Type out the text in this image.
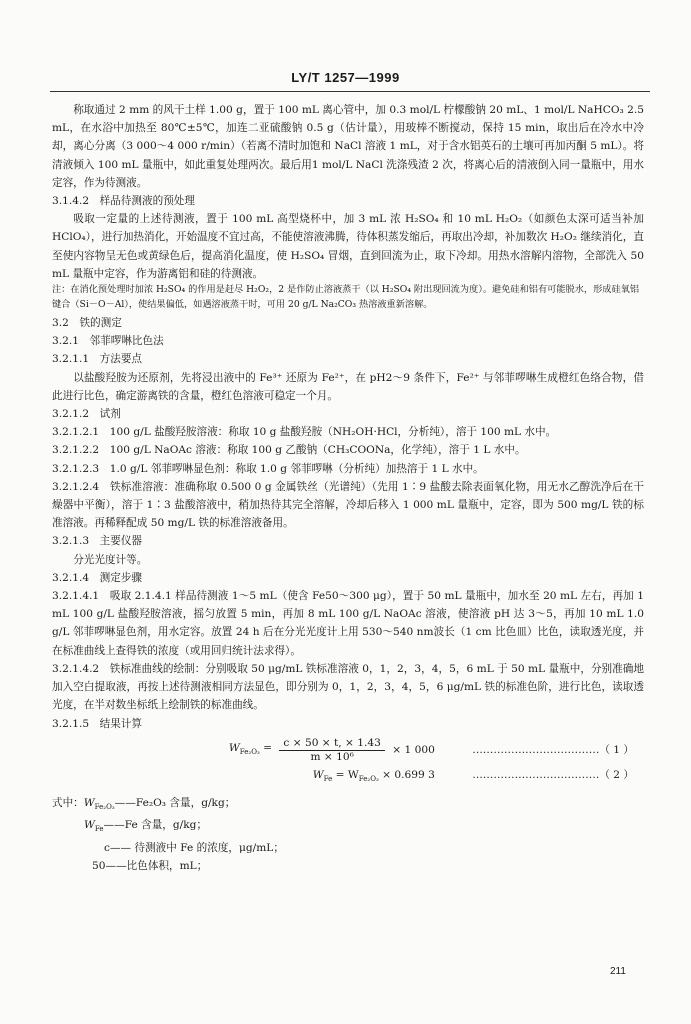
LY/T 1257—1999

称取通过 2 mm 的风干土样 1.00 g，置于 100 mL 离心管中，加 0.3 mol/L 柠檬酸钠 20 mL、1 mol/L NaHCO₃ 2.5 mL，在水浴中加热至 80℃±5℃，加连二亚硫酸钠 0.5 g（估计量），用玻棒不断搅动，保持 15 min，取出后在冷水中冷却，离心分离（3 000～4 000 r/min）（若离不清时加饱和 NaCl 溶液 1 mL，对于含水铝英石的土壤可再加丙酮 5 mL）。将清液倾入 100 mL 量瓶中，如此重复处理两次。最后用1 mol/L NaCl 洗涤残渣 2 次，将离心后的清液倒入同一量瓶中，用水定容，作为待测液。

3.1.4.2　样品待测液的预处理

吸取一定量的上述待测液，置于 100 mL 高型烧杯中，加 3 mL 浓 H₂SO₄ 和 10 mL H₂O₂（如颜色太深可适当补加 HClO₄），进行加热消化，开始温度不宜过高，不能使溶液沸腾，待体积蒸发缩后，再取出冷却，补加数次 H₂O₂ 继续消化，直至使内容物呈无色或黄绿色后，提高消化温度，使 H₂SO₄ 冒烟，直到回流为止，取下冷却。用热水溶解内溶物，全部洗入 50 mL 量瓶中定容，作为游离铝和硅的待测液。

注：在消化预处理时加浓 H₂SO₄ 的作用是赶尽 H₂O₂，2 是作防止溶液蒸干（以 H₂SO₄ 附出现回流为度）。避免硅和铝有可能脱水，形成硅氧铝键合（Si－O－Al），使结果偏低，如遇溶液蒸干时，可用 20 g/L Na₂CO₃ 热溶液重新溶解。

3.2　铁的测定

3.2.1　邻菲啰啉比色法

3.2.1.1　方法要点

以盐酸羟胺为还原剂，先将浸出液中的 Fe³⁺ 还原为 Fe²⁺，在 pH2～9 条件下，Fe²⁺ 与邻菲啰啉生成橙红色络合物，借此进行比色，确定游离铁的含量，橙红色溶液可稳定一个月。

3.2.1.2　试剂

3.2.1.2.1　100 g/L 盐酸羟胺溶液：称取 10 g 盐酸羟胺（NH₂OH·HCl，分析纯），溶于 100 mL 水中。

3.2.1.2.2　100 g/L NaOAc 溶液：称取 100 g 乙酸钠（CH₃COONa，化学纯），溶于 1 L 水中。

3.2.1.2.3　1.0 g/L 邻菲啰啉显色剂：称取 1.0 g 邻菲啰啉（分析纯）加热溶于 1 L 水中。

3.2.1.2.4　铁标准溶液：准确称取 0.500 0 g 金属铁丝（光谱纯）（先用 1∶9 盐酸去除表面氧化物，用无水乙醇洗净后在干燥器中平衡），溶于 1∶3 盐酸溶液中，稍加热待其完全溶解，冷却后移入 1 000 mL 量瓶中，定容，即为 500 mg/L 铁的标准溶液。再稀释配成 50 mg/L 铁的标准溶液备用。

3.2.1.3　主要仪器

分光光度计等。

3.2.1.4　测定步骤

3.2.1.4.1　吸取 2.1.4.1 样品待测液 1～5 mL（使含 Fe50～300 μg），置于 50 mL 量瓶中，加水至 20 mL 左右，再加 1 mL 100 g/L 盐酸羟胺溶液，摇匀放置 5 min，再加 8 mL 100 g/L NaOAc 溶液，使溶液 pH 达 3～5，再加 10 mL 1.0 g/L 邻菲啰啉显色剂，用水定容。放置 24 h 后在分光光度计上用 530～540 nm波长（1 cm 比色皿）比色，读取透光度，并在标准曲线上查得铁的浓度（或用回归统计法求得）。

3.2.1.4.2　铁标准曲线的绘制：分别吸取 50 μg/mL 铁标准溶液 0，1，2，3，4，5，6 mL 于 50 mL 量瓶中，分别准确地加入空白提取液，再按上述待测液相同方法显色，即分别为 0，1，2，3，4，5，6 μg/mL 铁的标准色阶，进行比色，读取透光度，在半对数坐标纸上绘制铁的标准曲线。

3.2.1.5　结果计算

$W_{Fe_2O_3} = \frac{c \times 50 \times t, \times 1.43}{\text{m × 10⁶}} \times 1$ 000	………………………………（ 1 ）
$W_{Fe} = W_{Fe_2O_3} \times 0.699$ 3	………………………………（ 2 ）
式中：$W_{Fe_2O_3}——Fe_2O_3$ 含量，g/kg；
$W_{Fe}——Fe$ 含量，g/kg；
c—— 待测液中 Fe 的浓度，μg/mL；
50——比色体积，mL；
211
